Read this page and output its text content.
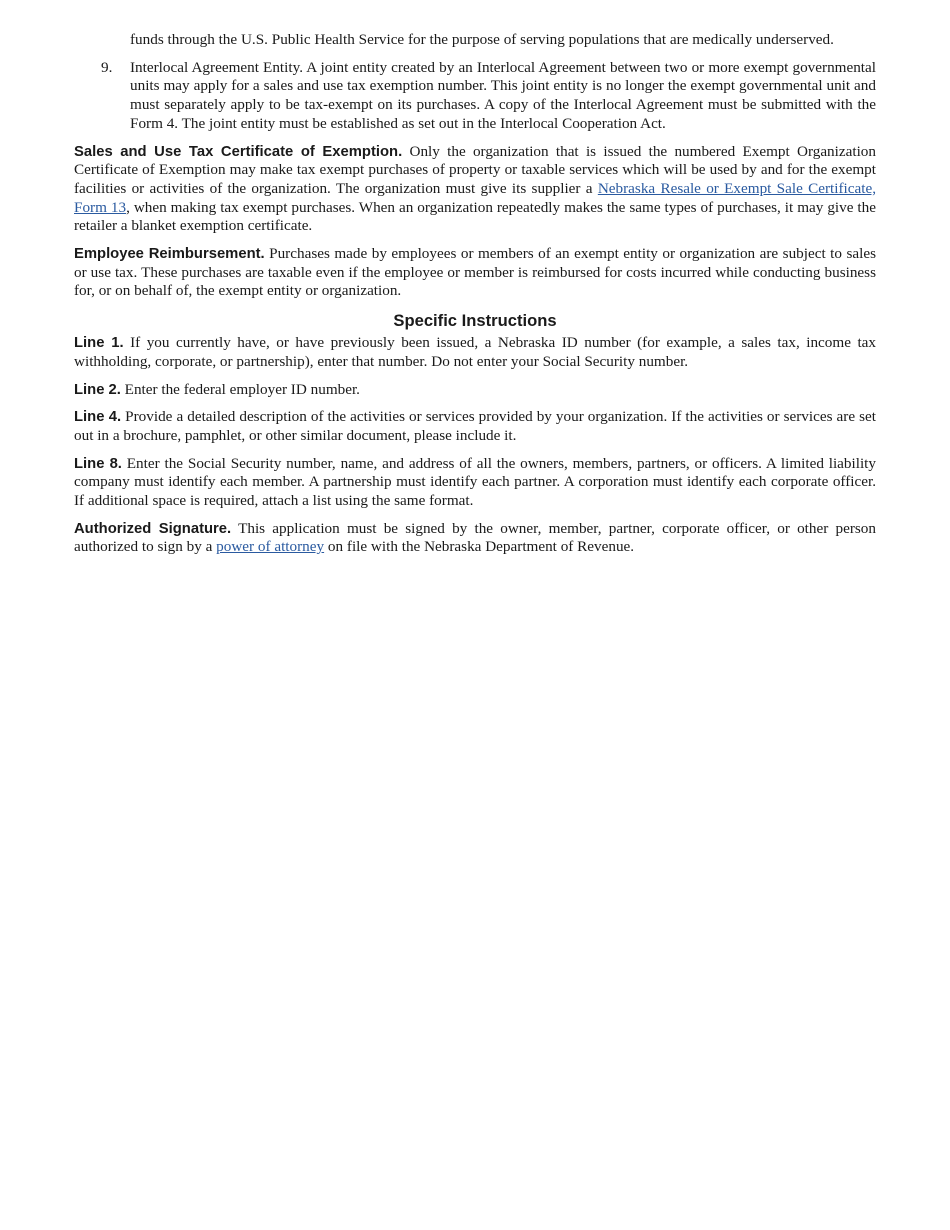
funds through the U.S. Public Health Service for the purpose of serving populations that are medically underserved.

9.	Interlocal Agreement Entity. A joint entity created by an Interlocal Agreement between two or more exempt governmental units may apply for a sales and use tax exemption number. This joint entity is no longer the exempt governmental unit and must separately apply to be tax-exempt on its purchases. A copy of the Interlocal Agreement must be submitted with the Form 4. The joint entity must be established as set out in the Interlocal Cooperation Act.

Sales and Use Tax Certificate of Exemption. Only the organization that is issued the numbered Exempt Organization Certificate of Exemption may make tax exempt purchases of property or taxable services which will be used by and for the exempt facilities or activities of the organization. The organization must give its supplier a Nebraska Resale or Exempt Sale Certificate, Form 13, when making tax exempt purchases. When an organization repeatedly makes the same types of purchases, it may give the retailer a blanket exemption certificate.

Employee Reimbursement. Purchases made by employees or members of an exempt entity or organization are subject to sales or use tax. These purchases are taxable even if the employee or member is reimbursed for costs incurred while conducting business for, or on behalf of, the exempt entity or organization.

Specific Instructions

Line 1. If you currently have, or have previously been issued, a Nebraska ID number (for example, a sales tax, income tax withholding, corporate, or partnership), enter that number. Do not enter your Social Security number.

Line 2. Enter the federal employer ID number.

Line 4. Provide a detailed description of the activities or services provided by your organization. If the activities or services are set out in a brochure, pamphlet, or other similar document, please include it.

Line 8. Enter the Social Security number, name, and address of all the owners, members, partners, or officers. A limited liability company must identify each member. A partnership must identify each partner. A corporation must identify each corporate officer. If additional space is required, attach a list using the same format.

Authorized Signature. This application must be signed by the owner, member, partner, corporate officer, or other person authorized to sign by a power of attorney on file with the Nebraska Department of Revenue.
